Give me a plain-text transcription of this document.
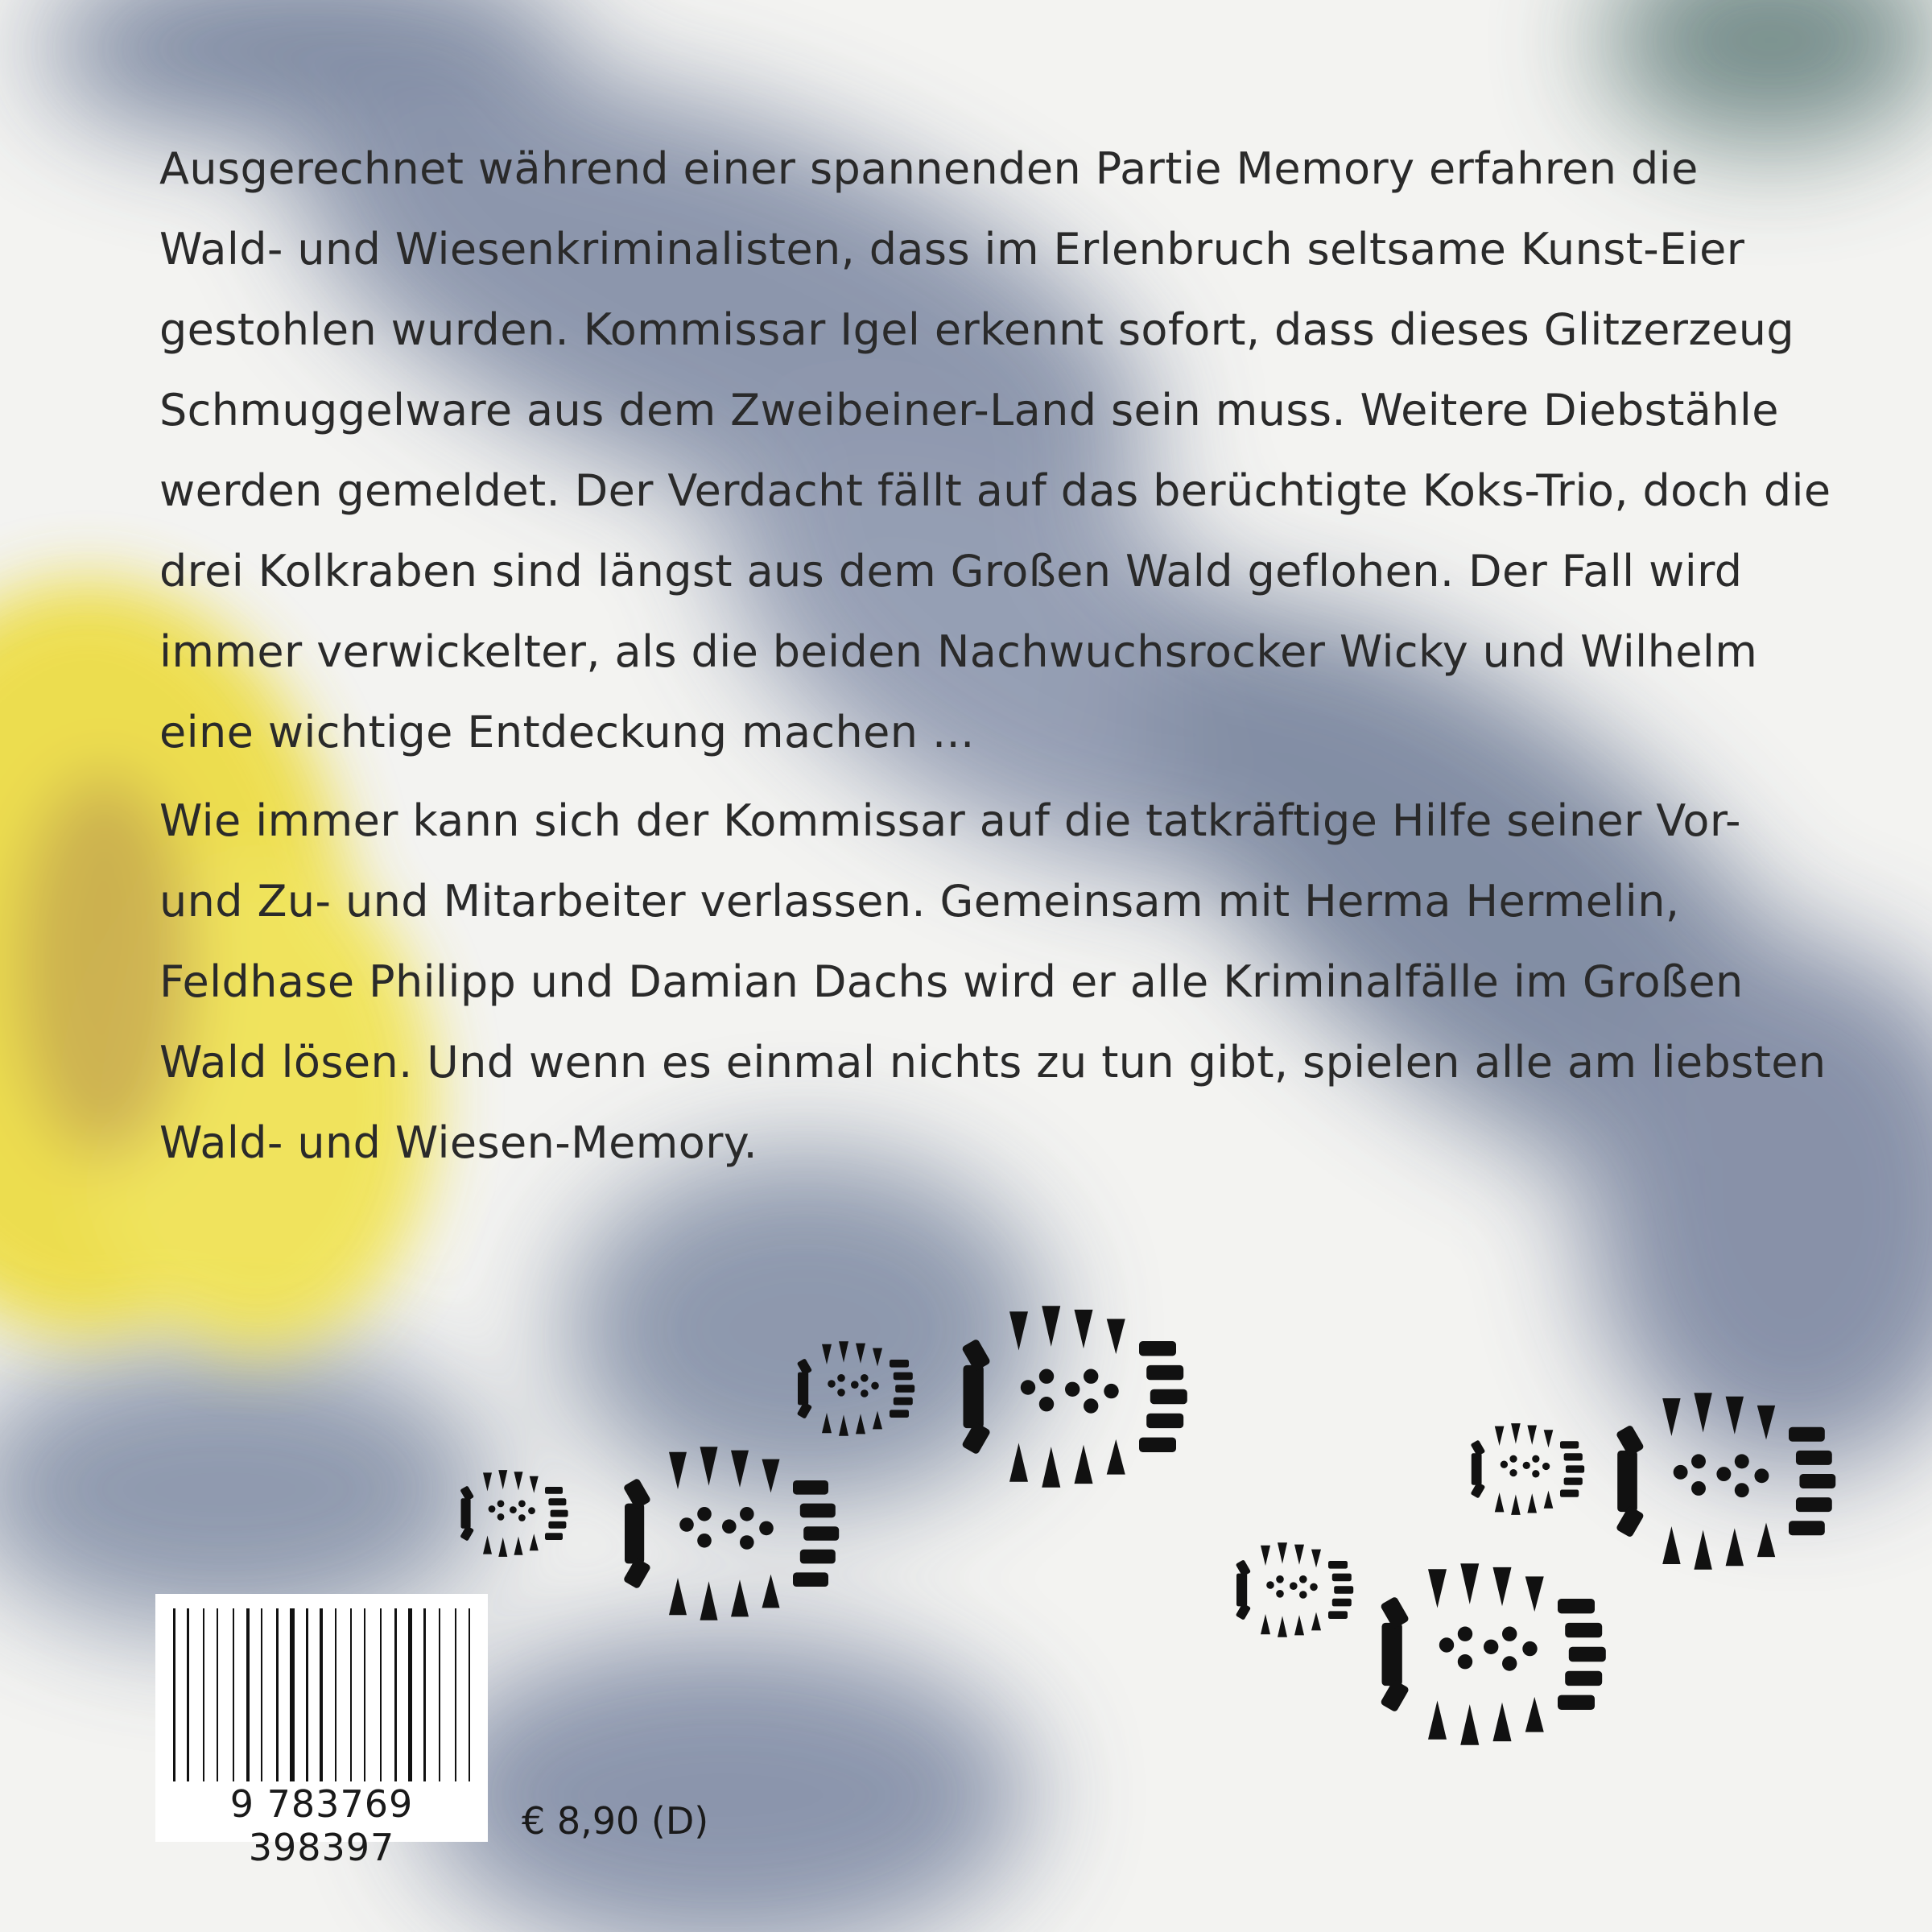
Ausgerechnet während einer spannenden Partie Memory erfahren die Wald- und Wiesenkriminalisten, dass im Erlenbruch seltsame Kunst-Eier gestohlen wurden. Kommissar Igel erkennt sofort, dass dieses Glitzerzeug Schmuggelware aus dem Zweibeiner-Land sein muss. Weitere Diebstähle werden gemeldet. Der Verdacht fällt auf das berüchtigte Koks-Trio, doch die drei Kolkraben sind längst aus dem Großen Wald geflohen. Der Fall wird immer verwickelter, als die beiden Nachwuchsrocker Wicky und Wilhelm eine wichtige Entdeckung machen ...

Wie immer kann sich der Kommissar auf die tatkräftige Hilfe seiner Vor- und Zu- und Mitarbeiter verlassen. Gemeinsam mit Herma Hermelin, Feldhase Philipp und Damian Dachs wird er alle Kriminalfälle im Großen Wald lösen. Und wenn es einmal nichts zu tun gibt, spielen alle am liebsten Wald- und Wiesen-Memory.

9 783769 398397
€ 8,90 (D)
